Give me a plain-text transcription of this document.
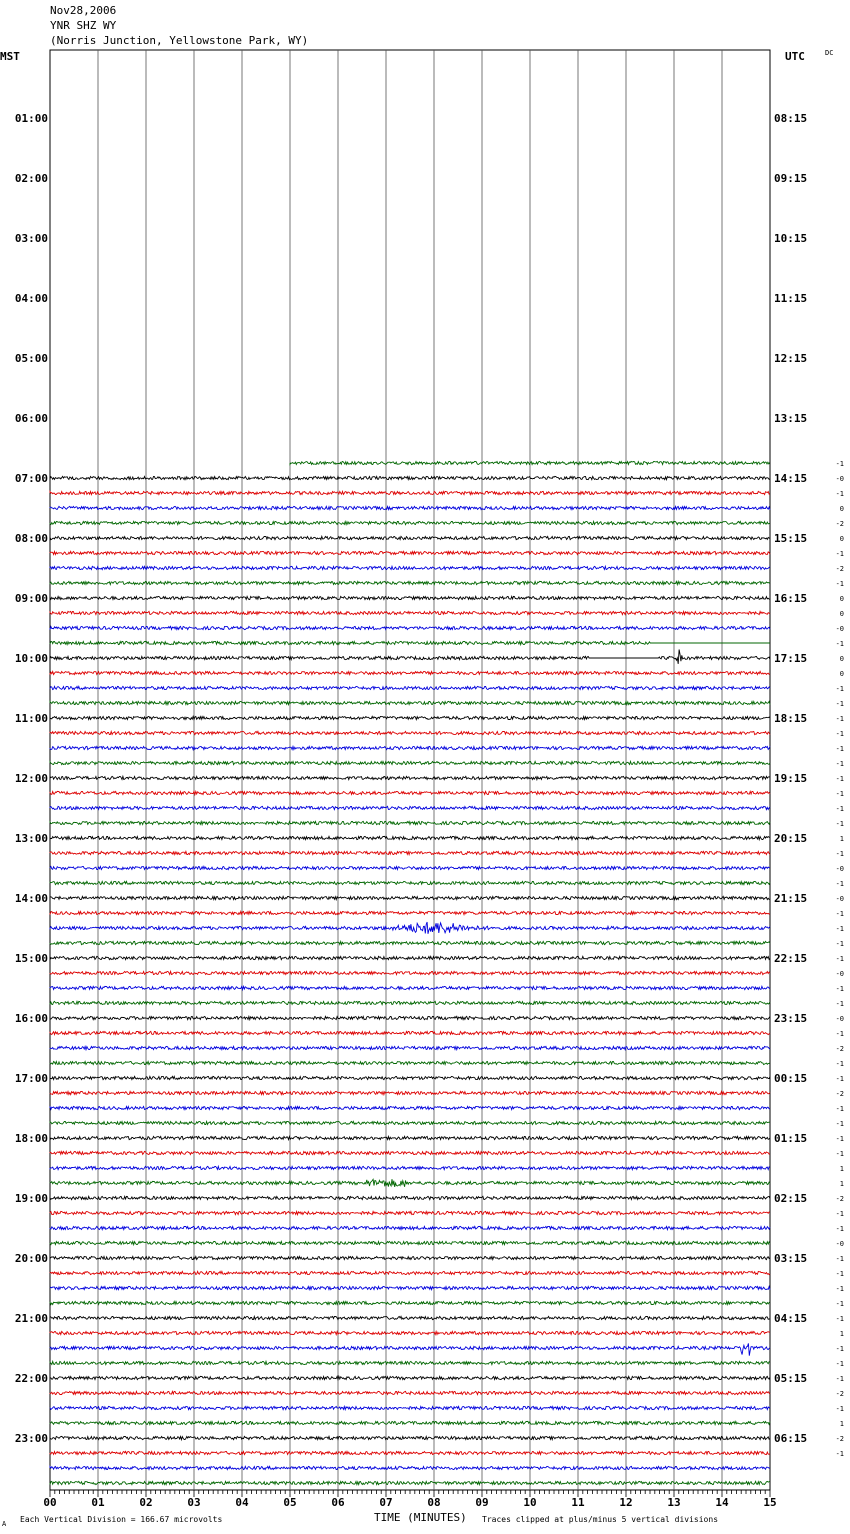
Nov28,2006
YNR SHZ WY
(Norris Junction, Yellowstone Park, WY)
MST	UTC	DC
00	01	02	03	04	05	06	07	08	09	10	11	12	13	14	15
01:00
02:00
03:00
04:00
05:00
06:00
07:00
08:00
09:00
10:00
11:00
12:00
13:00
14:00
15:00
16:00
17:00
18:00
19:00
20:00
21:00
22:00
23:00
08:15
09:15
10:15
11:15
12:15
13:15
14:15
15:15
16:15
17:15
18:15
19:15
20:15
21:15
22:15
23:15
00:15
01:15
02:15
03:15
04:15
05:15
06:15
-1
-0
-1
0
-2
0
-1
-2
-1
0
0
-0
-1
0
0
-1
-1
-1
-1
-1
-1
-1
-1
-1
-1
1
-1
-0
-1
-0
-1
-1
-1
-1
-0
-1
-1
-0
-1
-2
-1
-1
-2
-1
-1
-1
-1
1
1
-2
-1
-1
-0
-1
-1
-1
-1
-1
1
-1
-1
-1
-2
-1
1
-2
-1
A Each Vertical Division = 166.67 microvolts	TIME (MINUTES) Traces clipped at plus/minus 5 vertical divisions
